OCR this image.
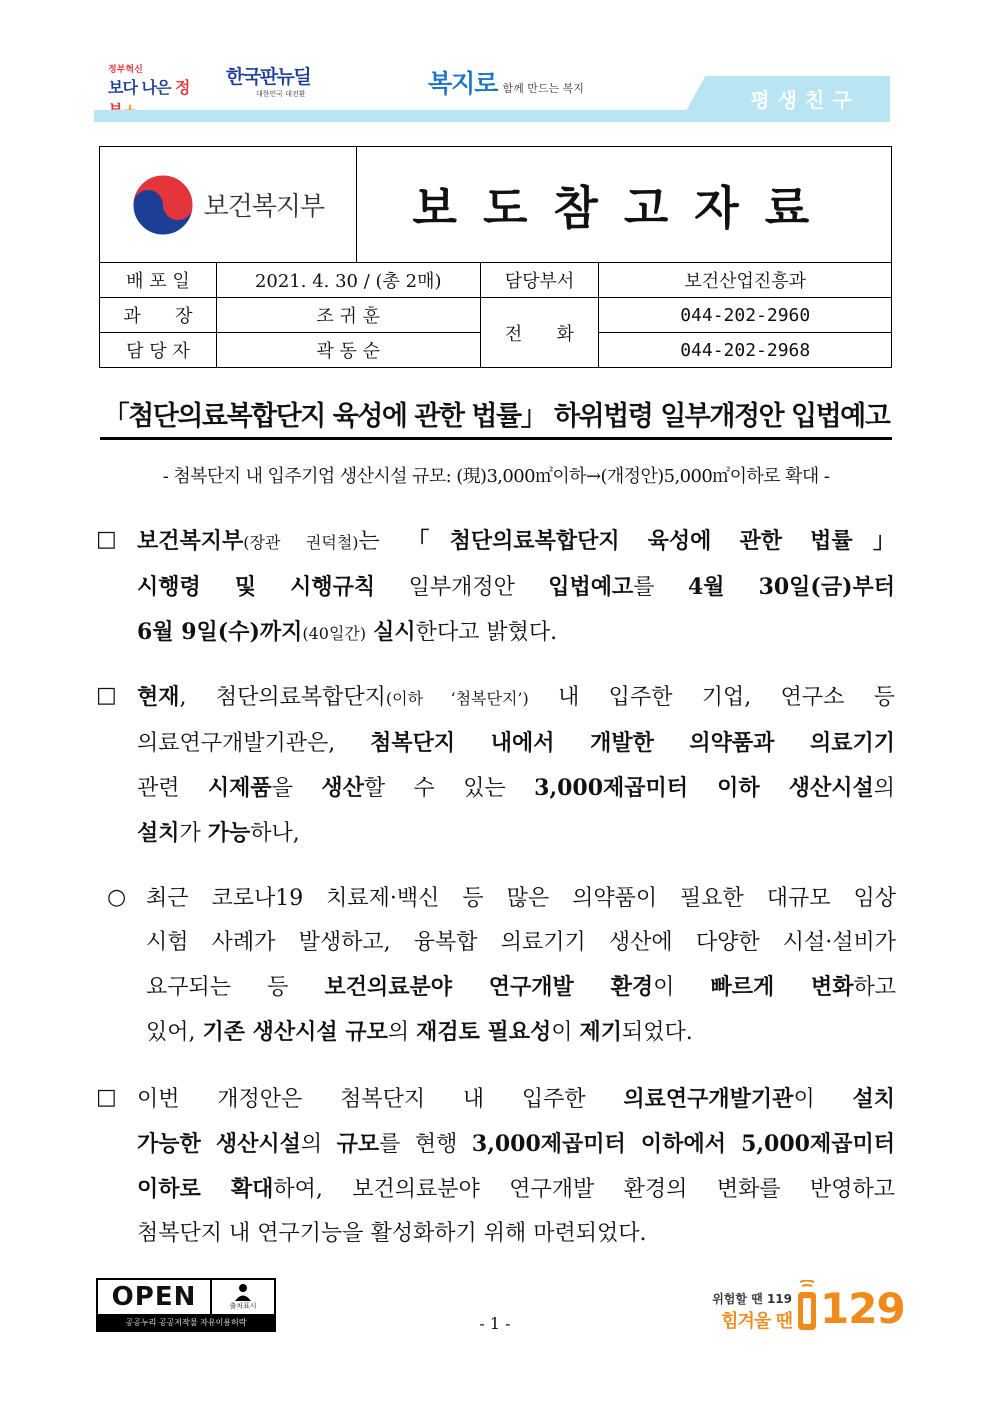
정부혁신
보다 나은 정	한국판뉴딜
대한민국 대전환	복지로 함께 만드는 복지	평생친구
보건복지부		보도참고자료		
배 포 일	2021. 4. 30 / (총 2매)		담당부서	보건산업진흥과
과      장	조 귀 훈		전      화	044-202-2960
담 당 자	곽 동 순			044-202-2968
「첨단의료복합단지 육성에 관한 법률」 하위법령 일부개정안 입법예고
- 첨복단지 내 입주기업 생산시설 규모: (現)3,000㎡이하→(개정안)5,000㎡이하로 확대 -
□ 보건복지부(장관 권덕철)는 「첨단의료복합단지 육성에 관한 법률」
시행령 및 시행규칙 일부개정안 입법예고를 4월 30일(금)부터
6월 9일(수)까지(40일간) 실시한다고 밝혔다.
□ 현재, 첨단의료복합단지(이하 ‘첨복단지’) 내 입주한 기업, 연구소 등
의료연구개발기관은, 첨복단지 내에서 개발한 의약품과 의료기기
관련 시제품을 생산할 수 있는 3,000제곱미터 이하 생산시설의
설치가 가능하나,
○ 최근 코로나19 치료제·백신 등 많은 의약품이 필요한 대규모 임상
시험 사례가 발생하고, 융복합 의료기기 생산에 다양한 시설·설비가
요구되는 등 보건의료분야 연구개발 환경이 빠르게 변화하고
있어, 기존 생산시설 규모의 재검토 필요성이 제기되었다.
□ 이번 개정안은 첨복단지 내 입주한 의료연구개발기관이 설치
가능한 생산시설의 규모를 현행 3,000제곱미터 이하에서 5,000제곱미터
이하로 확대하여, 보건의료분야 연구개발 환경의 변화를 반영하고
첨복단지 내 연구기능을 활성화하기 위해 마련되었다.
OPEN	출처표시
공공누리 공공저작물 자유이용허락	- 1 -
위험할 땐 119
힘겨울 땐 129
